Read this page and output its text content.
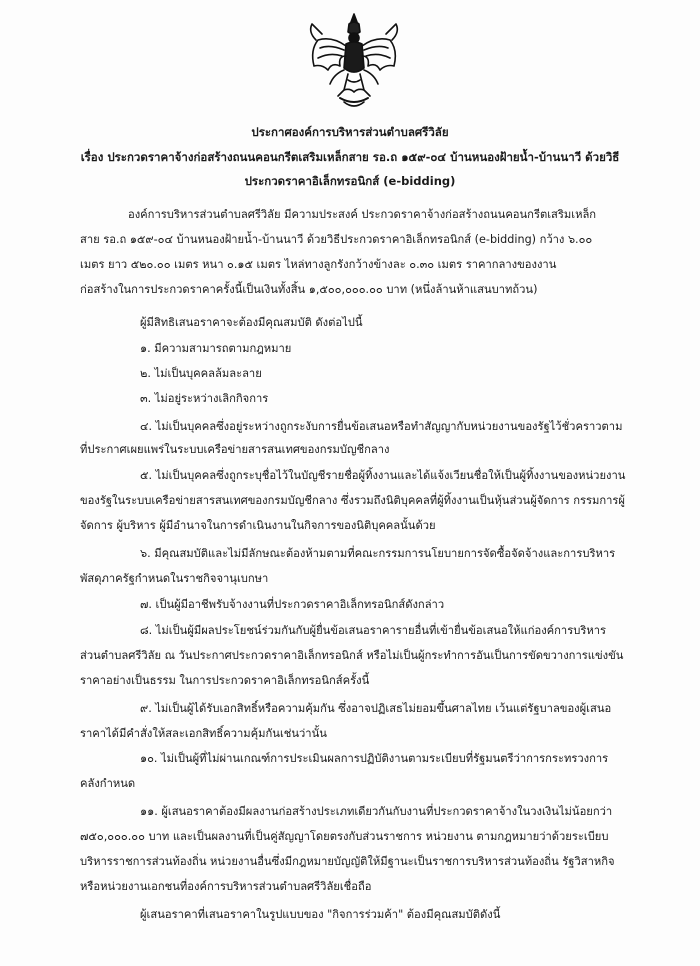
ประกาศองค์การบริหารส่วนตำบลศรีวิลัย
เรื่อง ประกวดราคาจ้างก่อสร้างถนนคอนกรีตเสริมเหล็กสาย รอ.ถ ๑๕๙-๐๔ บ้านหนองฝ้ายน้ำ-บ้านนาวี ด้วยวิธี
ประกวดราคาอิเล็กทรอนิกส์ (e-bidding)
องค์การบริหารส่วนตำบลศรีวิลัย มีความประสงค์ ประกวดราคาจ้างก่อสร้างถนนคอนกรีตเสริมเหล็ก
สาย รอ.ถ ๑๕๙-๐๔ บ้านหนองฝ้ายน้ำ-บ้านนาวี ด้วยวิธีประกวดราคาอิเล็กทรอนิกส์ (e-bidding) กว้าง ๖.๐๐
เมตร ยาว ๕๒๐.๐๐ เมตร หนา ๐.๑๕ เมตร ไหล่ทางลูกรังกว้างข้างละ ๐.๓๐ เมตร ราคากลางของงาน
ก่อสร้างในการประกวดราคาครั้งนี้เป็นเงินทั้งสิ้น ๑,๕๐๐,๐๐๐.๐๐ บาท (หนึ่งล้านห้าแสนบาทถ้วน)
ผู้มีสิทธิเสนอราคาจะต้องมีคุณสมบัติ ดังต่อไปนี้
๑. มีความสามารถตามกฎหมาย
๒. ไม่เป็นบุคคลล้มละลาย
๓. ไม่อยู่ระหว่างเลิกกิจการ
๔. ไม่เป็นบุคคลซึ่งอยู่ระหว่างถูกระงับการยื่นข้อเสนอหรือทำสัญญากับหน่วยงานของรัฐไว้ชั่วคราวตาม
ที่ประกาศเผยแพร่ในระบบเครือข่ายสารสนเทศของกรมบัญชีกลาง
๕. ไม่เป็นบุคคลซึ่งถูกระบุชื่อไว้ในบัญชีรายชื่อผู้ทิ้งงานและได้แจ้งเวียนชื่อให้เป็นผู้ทิ้งงานของหน่วยงาน
ของรัฐในระบบเครือข่ายสารสนเทศของกรมบัญชีกลาง ซึ่งรวมถึงนิติบุคคลที่ผู้ทิ้งงานเป็นหุ้นส่วนผู้จัดการ กรรมการผู้
จัดการ ผู้บริหาร ผู้มีอำนาจในการดำเนินงานในกิจการของนิติบุคคลนั้นด้วย
๖. มีคุณสมบัติและไม่มีลักษณะต้องห้ามตามที่คณะกรรมการนโยบายการจัดซื้อจัดจ้างและการบริหาร
พัสดุภาครัฐกำหนดในราชกิจจานุเบกษา
๗. เป็นผู้มีอาชีพรับจ้างงานที่ประกวดราคาอิเล็กทรอนิกส์ดังกล่าว
๘. ไม่เป็นผู้มีผลประโยชน์ร่วมกันกับผู้ยื่นข้อเสนอราคารายอื่นที่เข้ายื่นข้อเสนอให้แก่องค์การบริหาร
ส่วนตำบลศรีวิลัย ณ วันประกาศประกวดราคาอิเล็กทรอนิกส์ หรือไม่เป็นผู้กระทำการอันเป็นการขัดขวางการแข่งขัน
ราคาอย่างเป็นธรรม ในการประกวดราคาอิเล็กทรอนิกส์ครั้งนี้
๙. ไม่เป็นผู้ได้รับเอกสิทธิ์หรือความคุ้มกัน ซึ่งอาจปฏิเสธไม่ยอมขึ้นศาลไทย เว้นแต่รัฐบาลของผู้เสนอ
ราคาได้มีคำสั่งให้สละเอกสิทธิ์ความคุ้มกันเช่นว่านั้น
๑๐. ไม่เป็นผู้ที่ไม่ผ่านเกณฑ์การประเมินผลการปฏิบัติงานตามระเบียบที่รัฐมนตรีว่าการกระทรวงการ
คลังกำหนด
๑๑. ผู้เสนอราคาต้องมีผลงานก่อสร้างประเภทเดียวกันกับงานที่ประกวดราคาจ้างในวงเงินไม่น้อยกว่า
๗๕๐,๐๐๐.๐๐ บาท และเป็นผลงานที่เป็นคู่สัญญาโดยตรงกับส่วนราชการ หน่วยงาน ตามกฎหมายว่าด้วยระเบียบ
บริหารราชการส่วนท้องถิ่น หน่วยงานอื่นซึ่งมีกฎหมายบัญญัติให้มีฐานะเป็นราชการบริหารส่วนท้องถิ่น รัฐวิสาหกิจ
หรือหน่วยงานเอกชนที่องค์การบริหารส่วนตำบลศรีวิลัยเชื่อถือ
ผู้เสนอราคาที่เสนอราคาในรูปแบบของ "กิจการร่วมค้า" ต้องมีคุณสมบัติดังนี้
